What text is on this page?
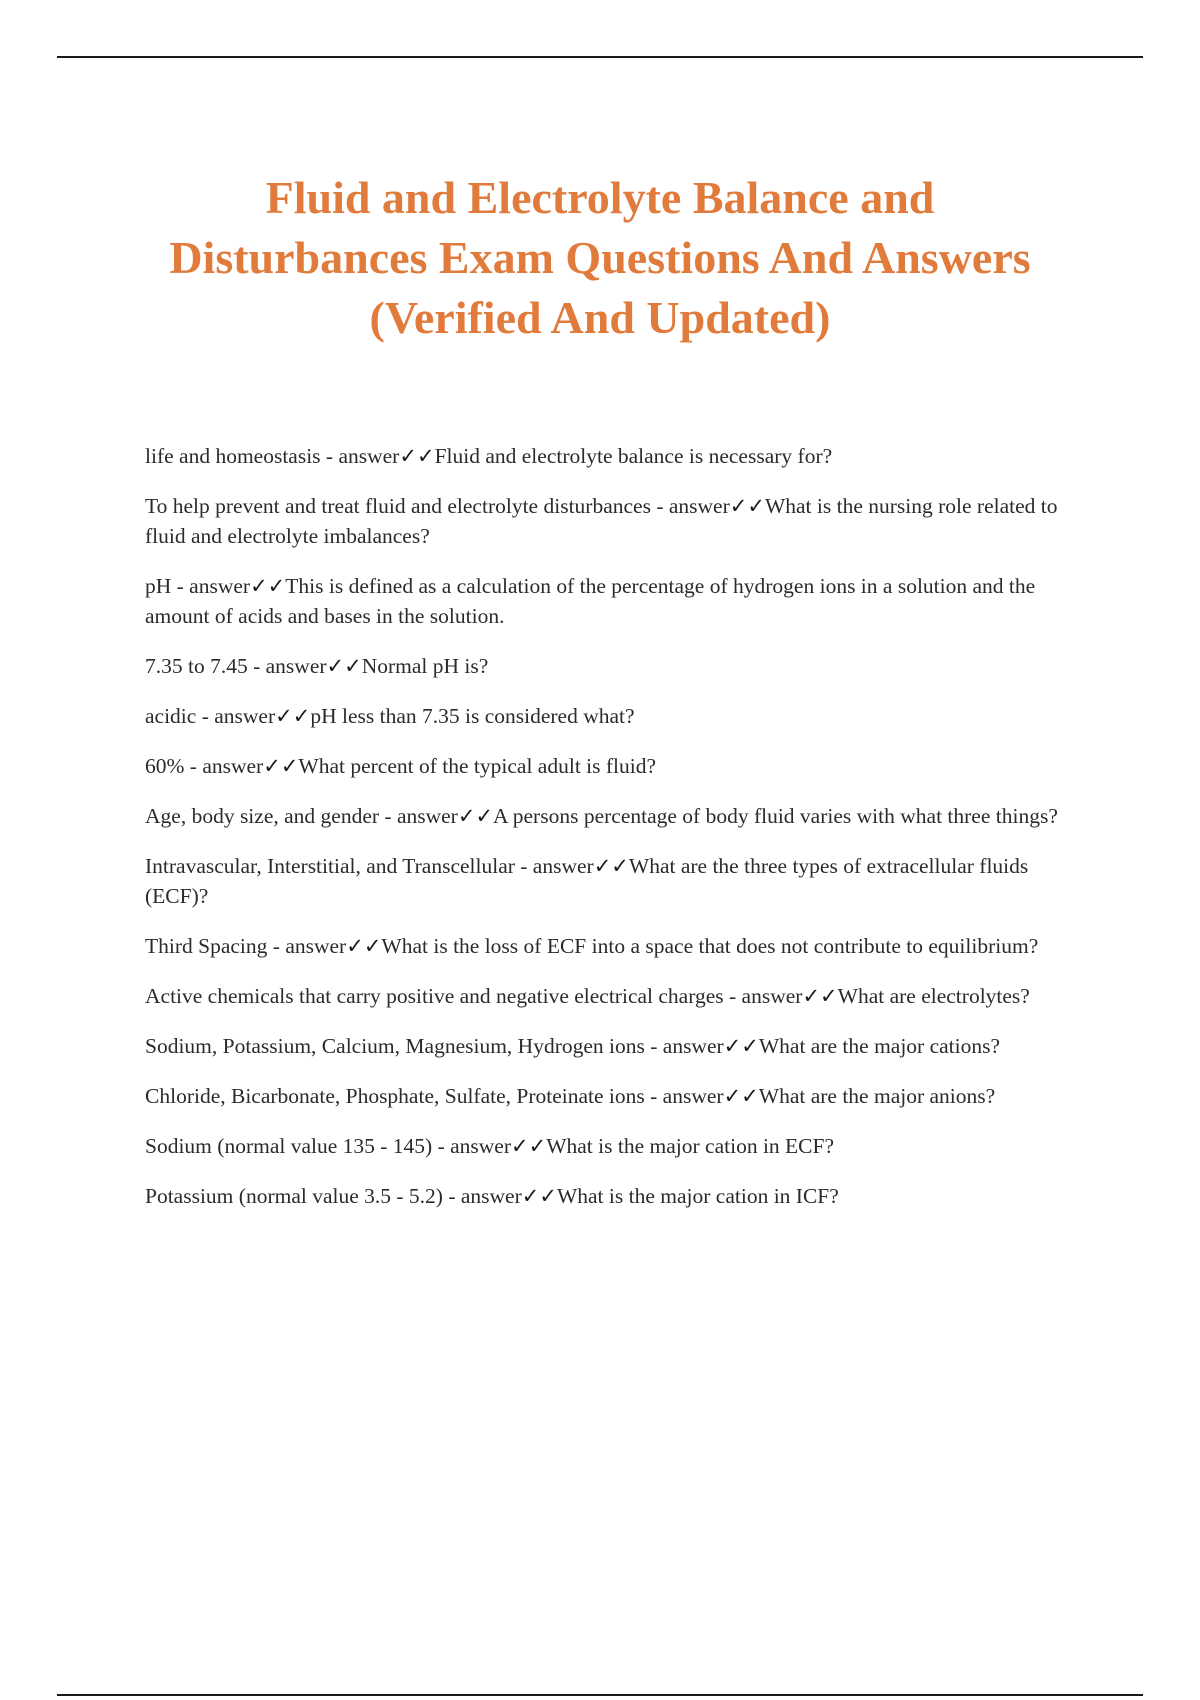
Fluid and Electrolyte Balance and
Disturbances Exam Questions And Answers
(Verified And Updated)
life and homeostasis - answer✓✓Fluid and electrolyte balance is necessary for?
To help prevent and treat fluid and electrolyte disturbances - answer✓✓What is the nursing role related to fluid and electrolyte imbalances?
pH - answer✓✓This is defined as a calculation of the percentage of hydrogen ions in a solution and the amount of acids and bases in the solution.
7.35 to 7.45 - answer✓✓Normal pH is?
acidic - answer✓✓pH less than 7.35 is considered what?
60% - answer✓✓What percent of the typical adult is fluid?
Age, body size, and gender - answer✓✓A persons percentage of body fluid varies with what three things?
Intravascular, Interstitial, and Transcellular - answer✓✓What are the three types of extracellular fluids (ECF)?
Third Spacing - answer✓✓What is the loss of ECF into a space that does not contribute to equilibrium?
Active chemicals that carry positive and negative electrical charges - answer✓✓What are electrolytes?
Sodium, Potassium, Calcium, Magnesium, Hydrogen ions - answer✓✓What are the major cations?
Chloride, Bicarbonate, Phosphate, Sulfate, Proteinate ions - answer✓✓What are the major anions?
Sodium (normal value 135 - 145) - answer✓✓What is the major cation in ECF?
Potassium (normal value 3.5 - 5.2) - answer✓✓What is the major cation in ICF?
